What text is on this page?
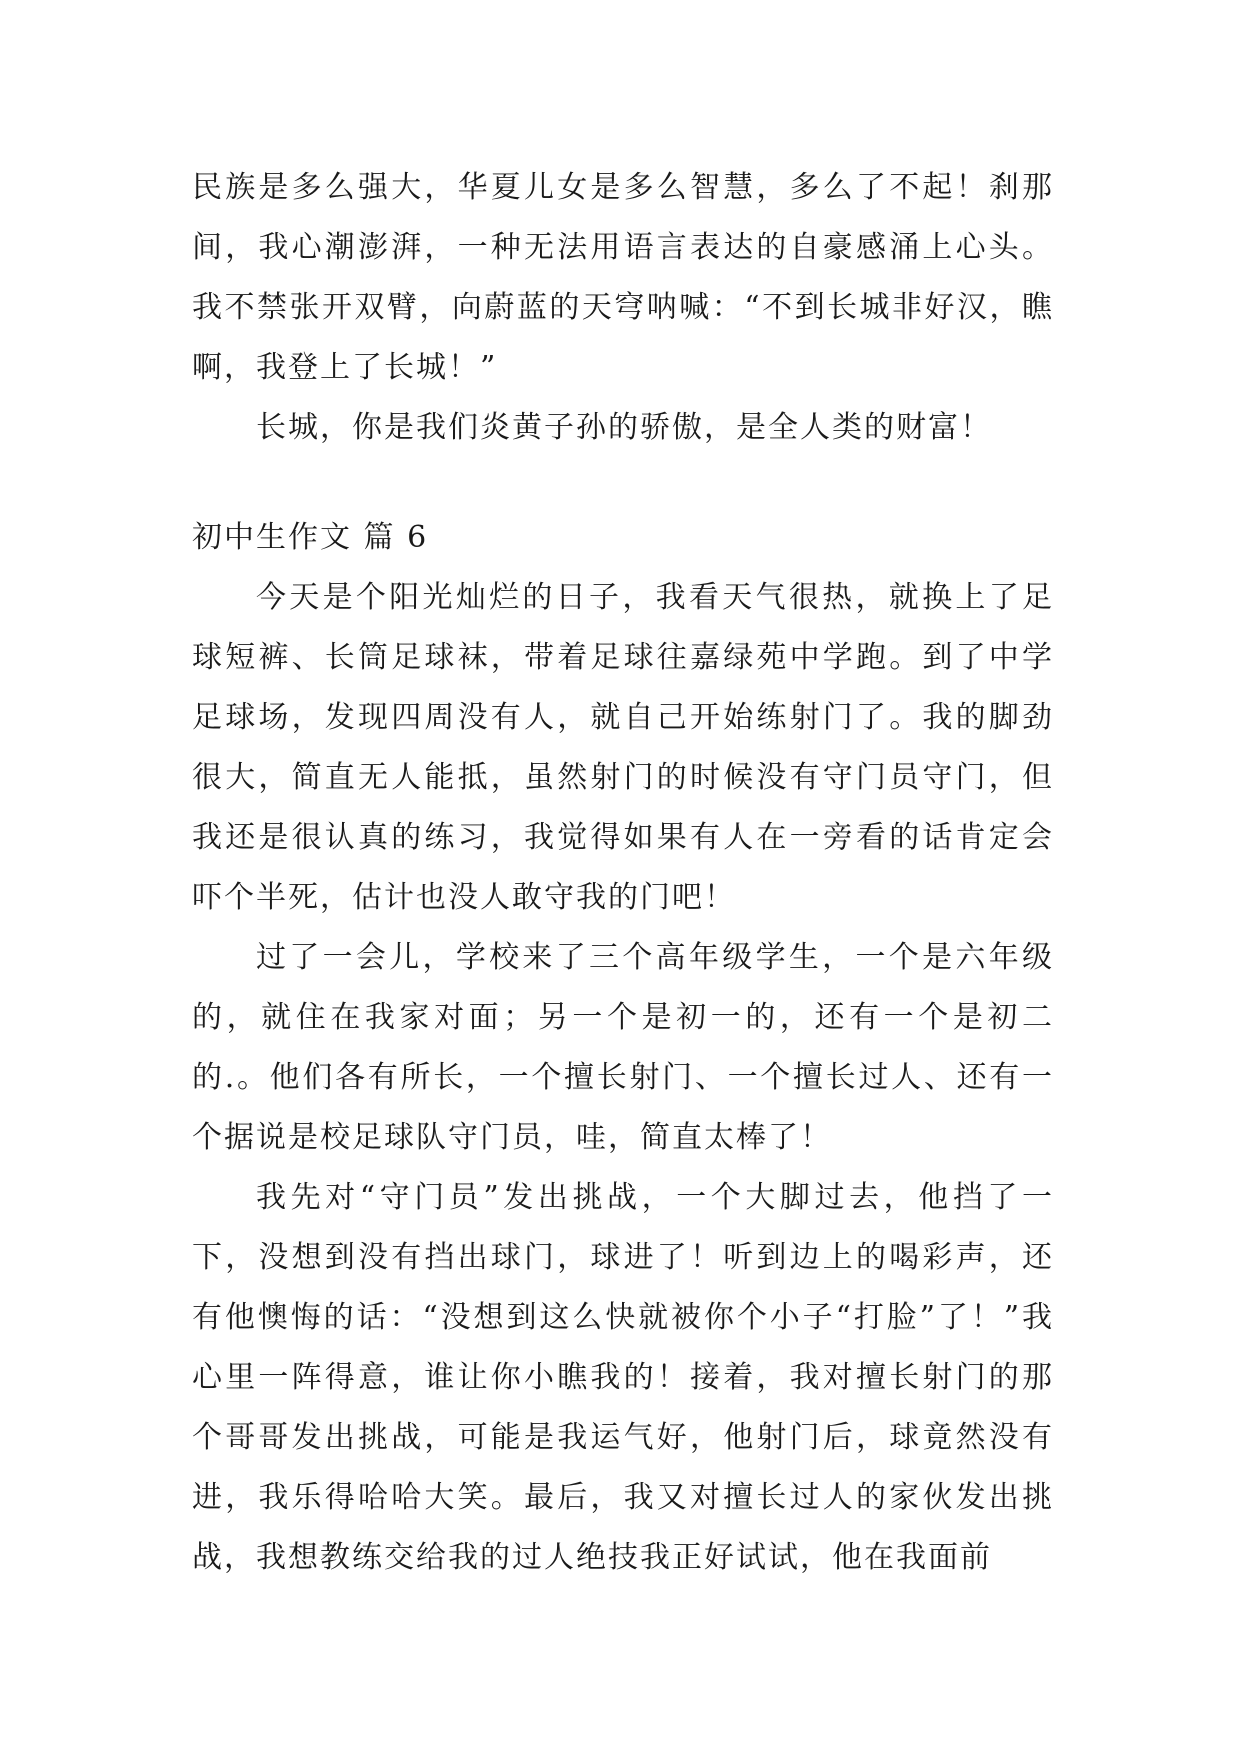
民族是多么强大，华夏儿女是多么智慧，多么了不起！刹那间，我心潮澎湃，一种无法用语言表达的自豪感涌上心头。我不禁张开双臂，向蔚蓝的天穹呐喊：“不到长城非好汉，瞧啊，我登上了长城！”

长城，你是我们炎黄子孙的骄傲，是全人类的财富！

初中生作文 篇 6

今天是个阳光灿烂的日子，我看天气很热，就换上了足球短裤、长筒足球袜，带着足球往嘉绿苑中学跑。到了中学足球场，发现四周没有人，就自己开始练射门了。我的脚劲很大，简直无人能抵，虽然射门的时候没有守门员守门，但我还是很认真的练习，我觉得如果有人在一旁看的话肯定会吓个半死，估计也没人敢守我的门吧！

过了一会儿，学校来了三个高年级学生，一个是六年级的，就住在我家对面；另一个是初一的，还有一个是初二的.。他们各有所长，一个擅长射门、一个擅长过人、还有一个据说是校足球队守门员，哇，简直太棒了！

我先对“守门员”发出挑战，一个大脚过去，他挡了一下，没想到没有挡出球门，球进了！听到边上的喝彩声，还有他懊悔的话：“没想到这么快就被你个小子“打脸”了！”我心里一阵得意，谁让你小瞧我的！接着，我对擅长射门的那个哥哥发出挑战，可能是我运气好，他射门后，球竟然没有进，我乐得哈哈大笑。最后，我又对擅长过人的家伙发出挑战，我想教练交给我的过人绝技我正好试试，他在我面前
